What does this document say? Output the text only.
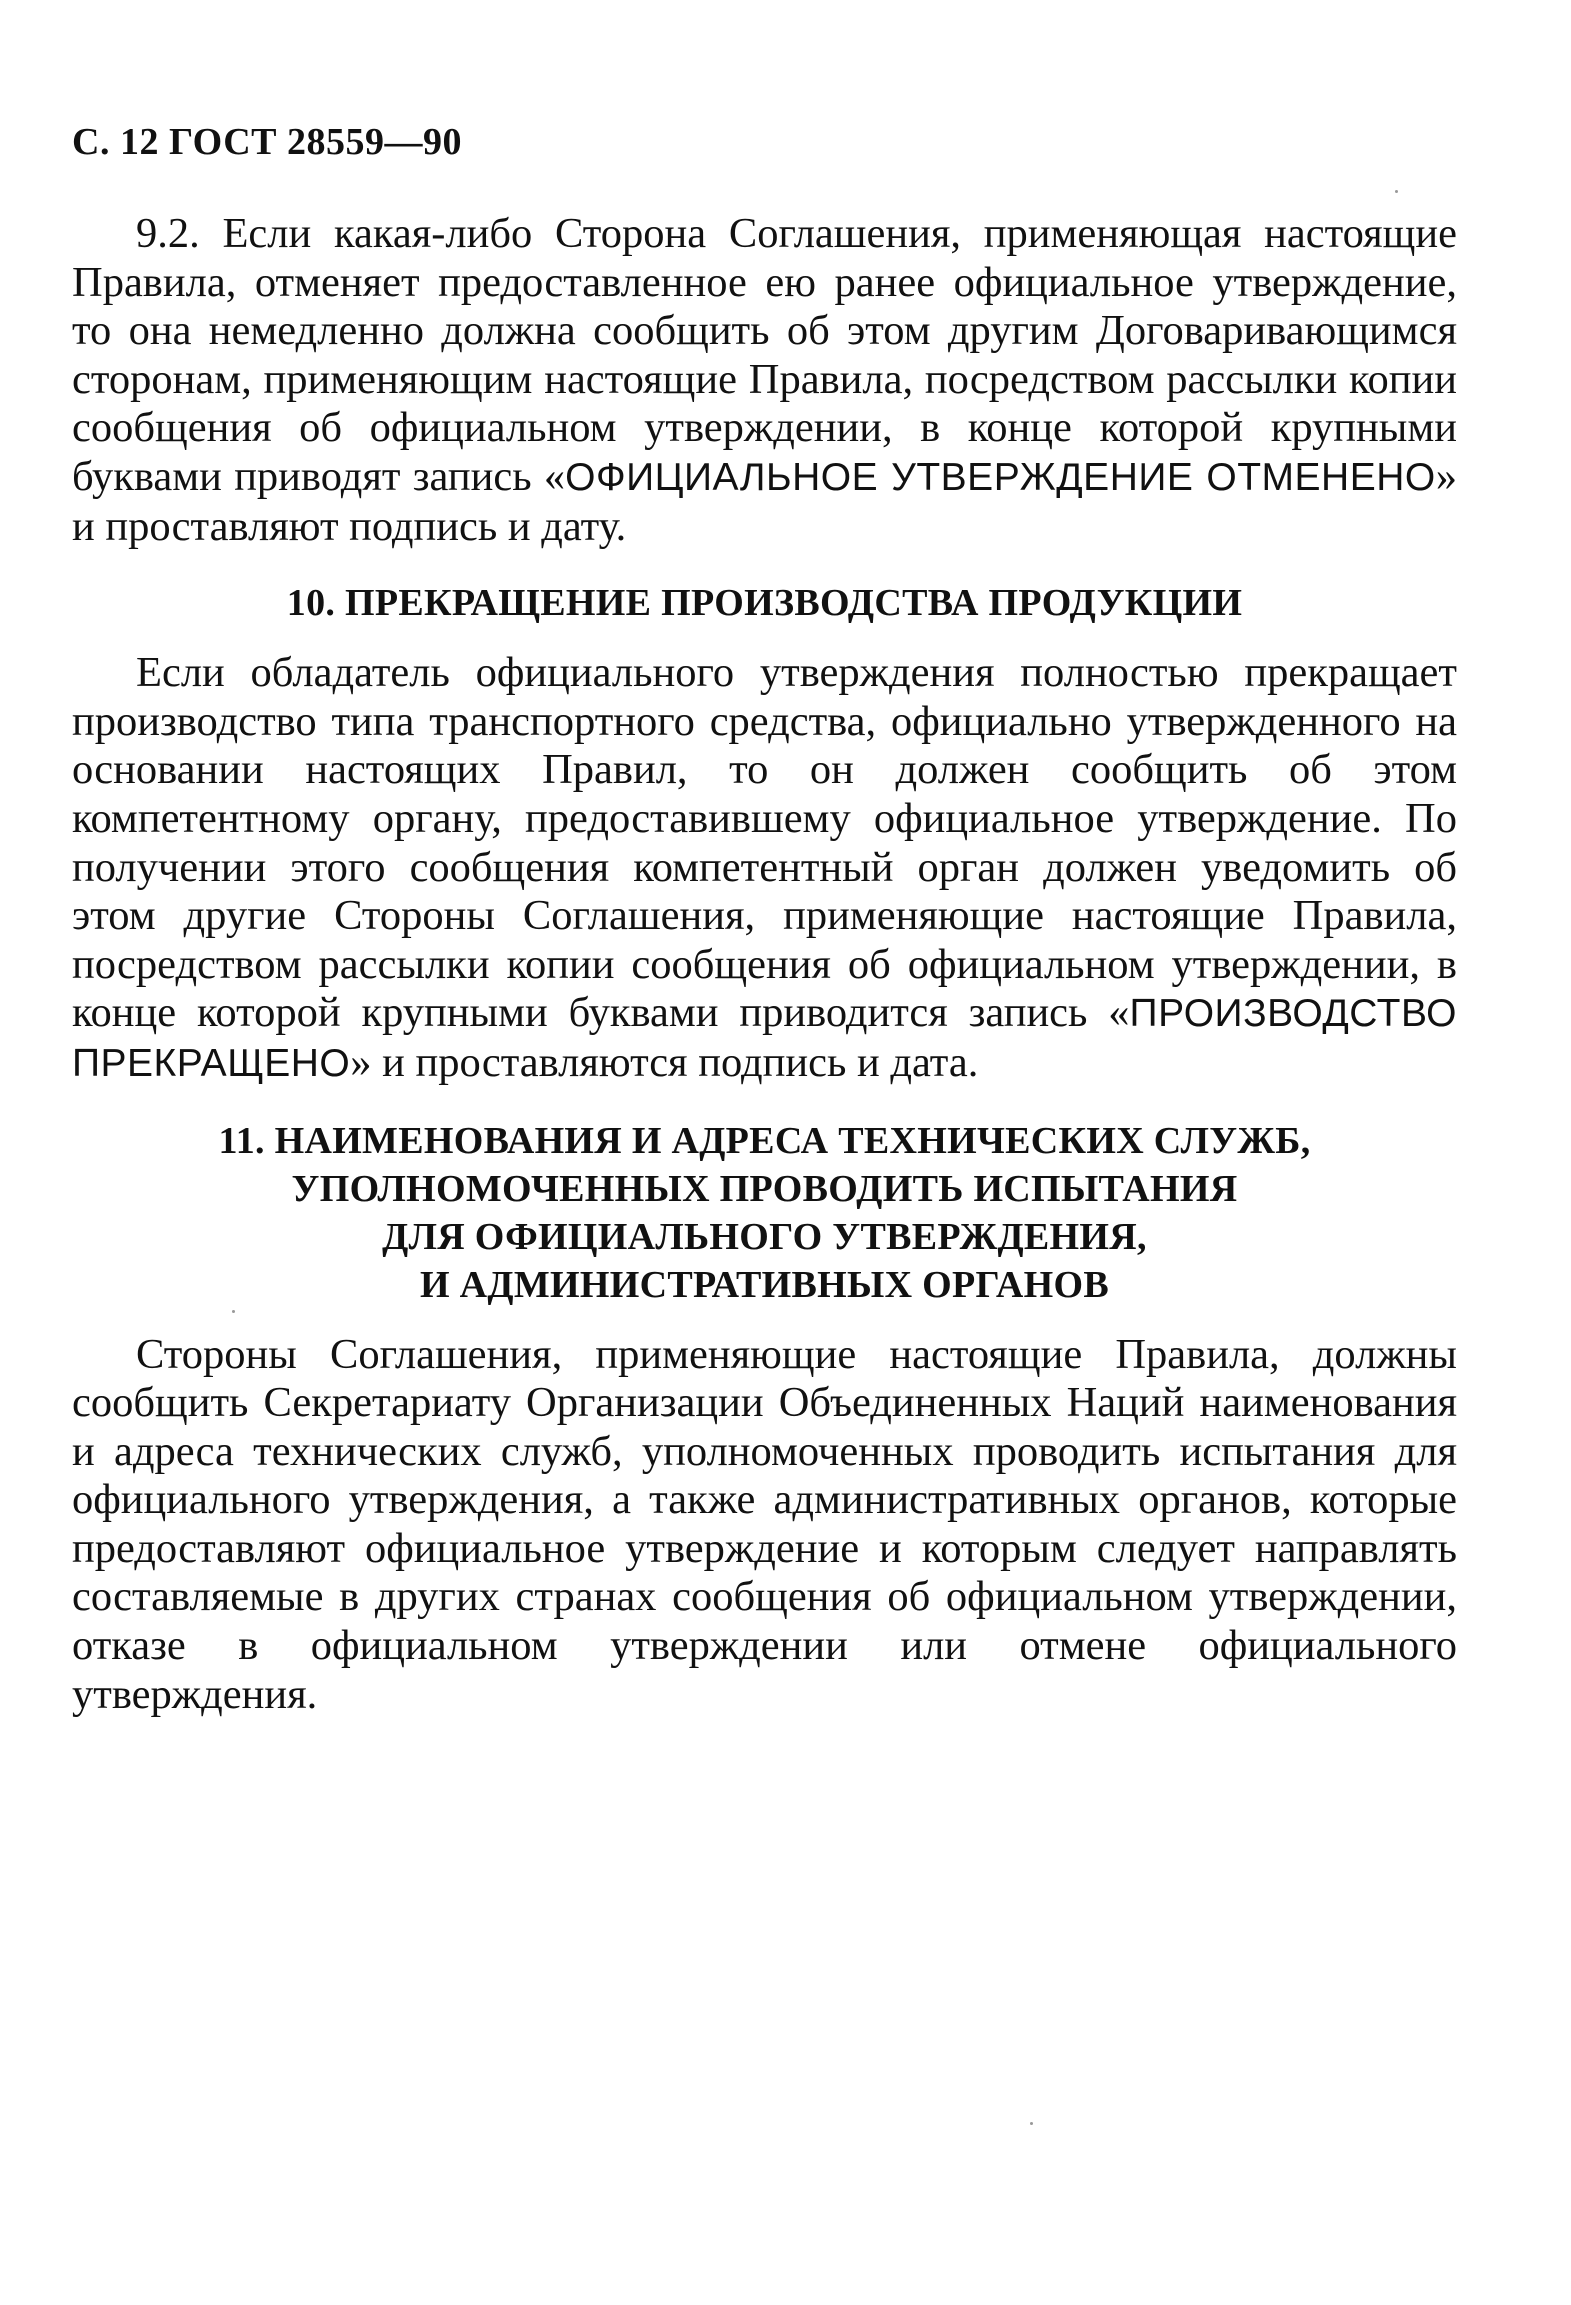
С. 12 ГОСТ 28559—90

9.2. Если какая-либо Сторона Соглашения, применяющая настоящие Правила, отменяет предоставленное ею ранее официальное утверждение, то она немедленно должна сообщить об этом другим Договаривающимся сторонам, применяющим настоящие Правила, посредством рассылки копии сообщения об официальном утверждении, в конце которой крупными буквами приводят запись «ОФИЦИАЛЬНОЕ УТВЕРЖДЕНИЕ ОТМЕНЕНО» и проставляют подпись и дату.

10. ПРЕКРАЩЕНИЕ ПРОИЗВОДСТВА ПРОДУКЦИИ

Если обладатель официального утверждения полностью прекращает производство типа транспортного средства, официально утвержденного на основании настоящих Правил, то он должен сообщить об этом компетентному органу, предоставившему официальное утверждение. По получении этого сообщения компетентный орган должен уведомить об этом другие Стороны Соглашения, применяющие настоящие Правила, посредством рассылки копии сообщения об официальном утверждении, в конце которой крупными буквами приводится запись «ПРОИЗВОДСТВО ПРЕКРАЩЕНО» и проставляются подпись и дата.

11. НАИМЕНОВАНИЯ И АДРЕСА ТЕХНИЧЕСКИХ СЛУЖБ,
УПОЛНОМОЧЕННЫХ ПРОВОДИТЬ ИСПЫТАНИЯ
ДЛЯ ОФИЦИАЛЬНОГО УТВЕРЖДЕНИЯ,
И АДМИНИСТРАТИВНЫХ ОРГАНОВ

Стороны Соглашения, применяющие настоящие Правила, должны сообщить Секретариату Организации Объединенных Наций наименования и адреса технических служб, уполномоченных проводить испытания для официального утверждения, а также административных органов, которые предоставляют официальное утверждение и которым следует направлять составляемые в других странах сообщения об официальном утверждении, отказе в официальном утверждении или отмене официального утверждения.
